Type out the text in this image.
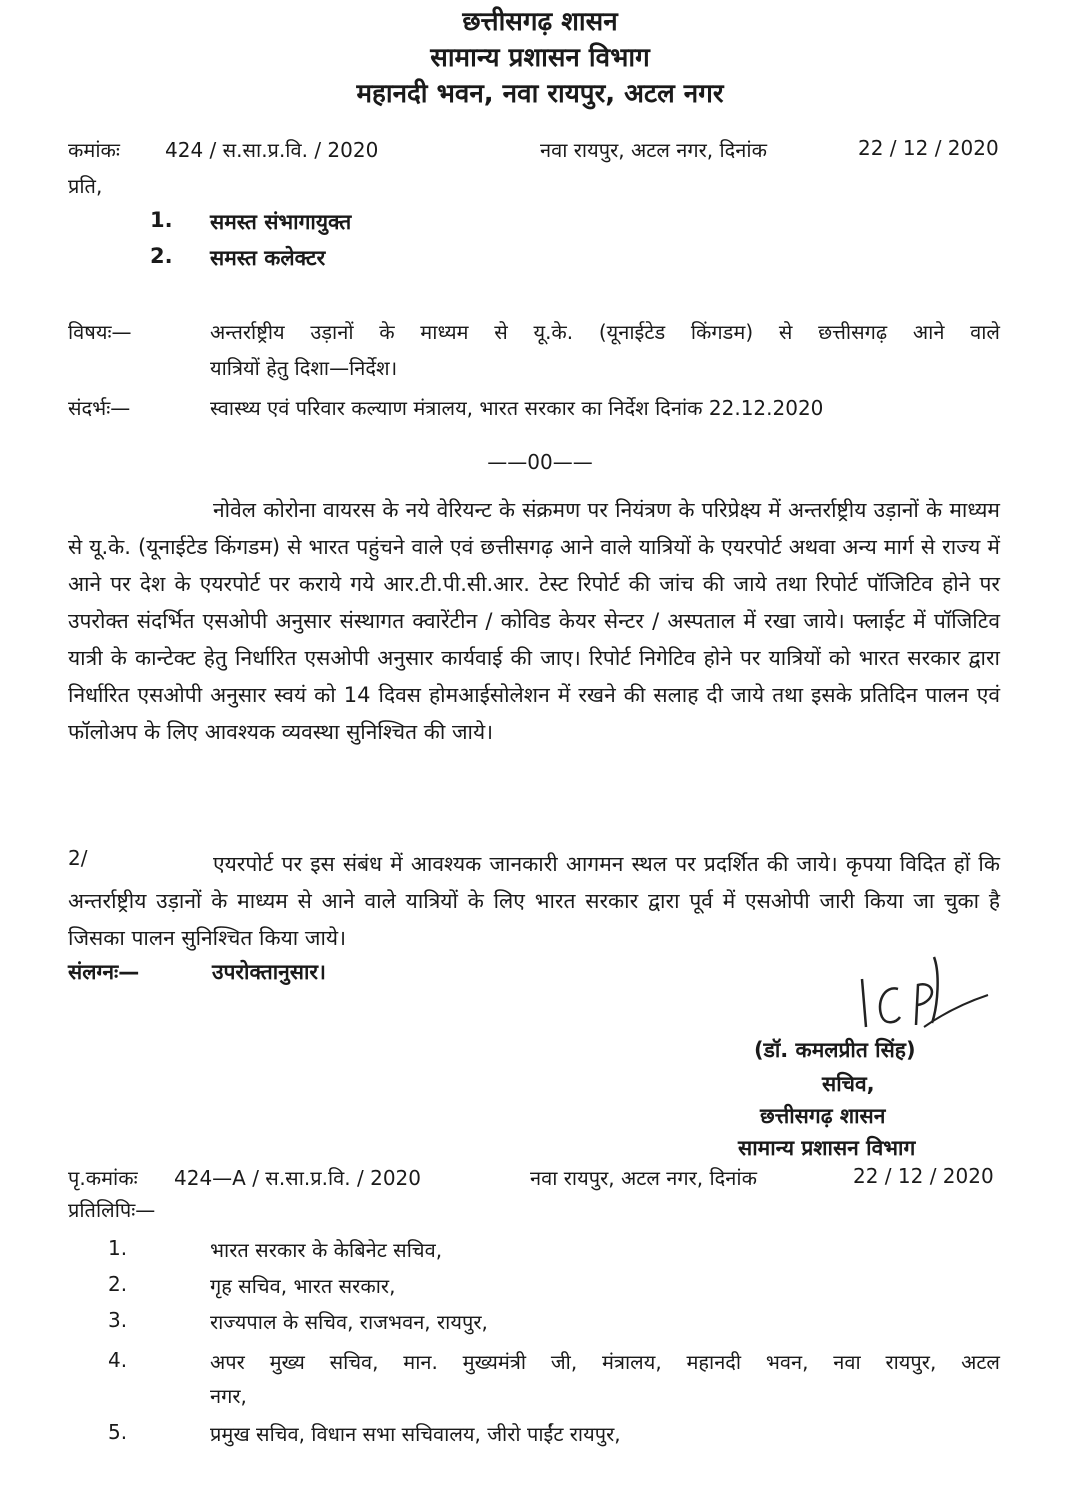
छत्तीसगढ़ शासन
सामान्य प्रशासन विभाग
महानदी भवन, नवा रायपुर, अटल नगर
कमांकः 424 / स.सा.प्र.वि. / 2020	नवा रायपुर, अटल नगर, दिनांक	22 / 12 / 2020
प्रति,
1. समस्त संभागायुक्त
2. समस्त कलेक्टर
विषयः—	अन्तर्राष्ट्रीय उड़ानों के माध्यम से यू.के. (यूनाईटेड किंगडम) से छत्तीसगढ़ आने वाले
यात्रियों हेतु दिशा—निर्देश।
संदर्भः—	स्वास्थ्य एवं परिवार कल्याण मंत्रालय, भारत सरकार का निर्देश दिनांक 22.12.2020
——00——
नोवेल कोरोना वायरस के नये वेरियन्ट के संक्रमण पर नियंत्रण के परिप्रेक्ष्य में अन्तर्राष्ट्रीय उड़ानों के माध्यम से यू.के. (यूनाईटेड किंगडम) से भारत पहुंचने वाले एवं छत्तीसगढ़ आने वाले यात्रियों के एयरपोर्ट अथवा अन्य मार्ग से राज्य में आने पर देश के एयरपोर्ट पर कराये गये आर.टी.पी.सी.आर. टेस्ट रिपोर्ट की जांच की जाये तथा रिपोर्ट पॉजिटिव होने पर उपरोक्त संदर्भित एसओपी अनुसार संस्थागत क्वारेंटीन / कोविड केयर सेन्टर / अस्पताल में रखा जाये। फ्लाईट में पॉजिटिव यात्री के कान्टेक्ट हेतु निर्धारित एसओपी अनुसार कार्यवाई की जाए। रिपोर्ट निगेटिव होने पर यात्रियों को भारत सरकार द्वारा निर्धारित एसओपी अनुसार स्वयं को 14 दिवस होमआईसोलेशन में रखने की सलाह दी जाये तथा इसके प्रतिदिन पालन एवं फॉलोअप के लिए आवश्यक व्यवस्था सुनिश्चित की जाये।
2/	एयरपोर्ट पर इस संबंध में आवश्यक जानकारी आगमन स्थल पर प्रदर्शित की जाये। कृपया विदित हों कि अन्तर्राष्ट्रीय उड़ानों के माध्यम से आने वाले यात्रियों के लिए भारत सरकार द्वारा पूर्व में एसओपी जारी किया जा चुका है जिसका पालन सुनिश्चित किया जाये।
संलग्नः—	उपरोक्तानुसार।
(डॉ. कमलप्रीत सिंह)
सचिव,
छत्तीसगढ़ शासन
सामान्य प्रशासन विभाग
पृ.कमांकः 424—A / स.सा.प्र.वि. / 2020	नवा रायपुर, अटल नगर, दिनांक	22 / 12 / 2020
प्रतिलिपिः—
1.	भारत सरकार के केबिनेट सचिव,
2.	गृह सचिव, भारत सरकार,
3.	राज्यपाल के सचिव, राजभवन, रायपुर,
4.	अपर मुख्य सचिव, मान. मुख्यमंत्री जी, मंत्रालय, महानदी भवन, नवा रायपुर, अटल
नगर,
5.	प्रमुख सचिव, विधान सभा सचिवालय, जीरो पाईंट रायपुर,
